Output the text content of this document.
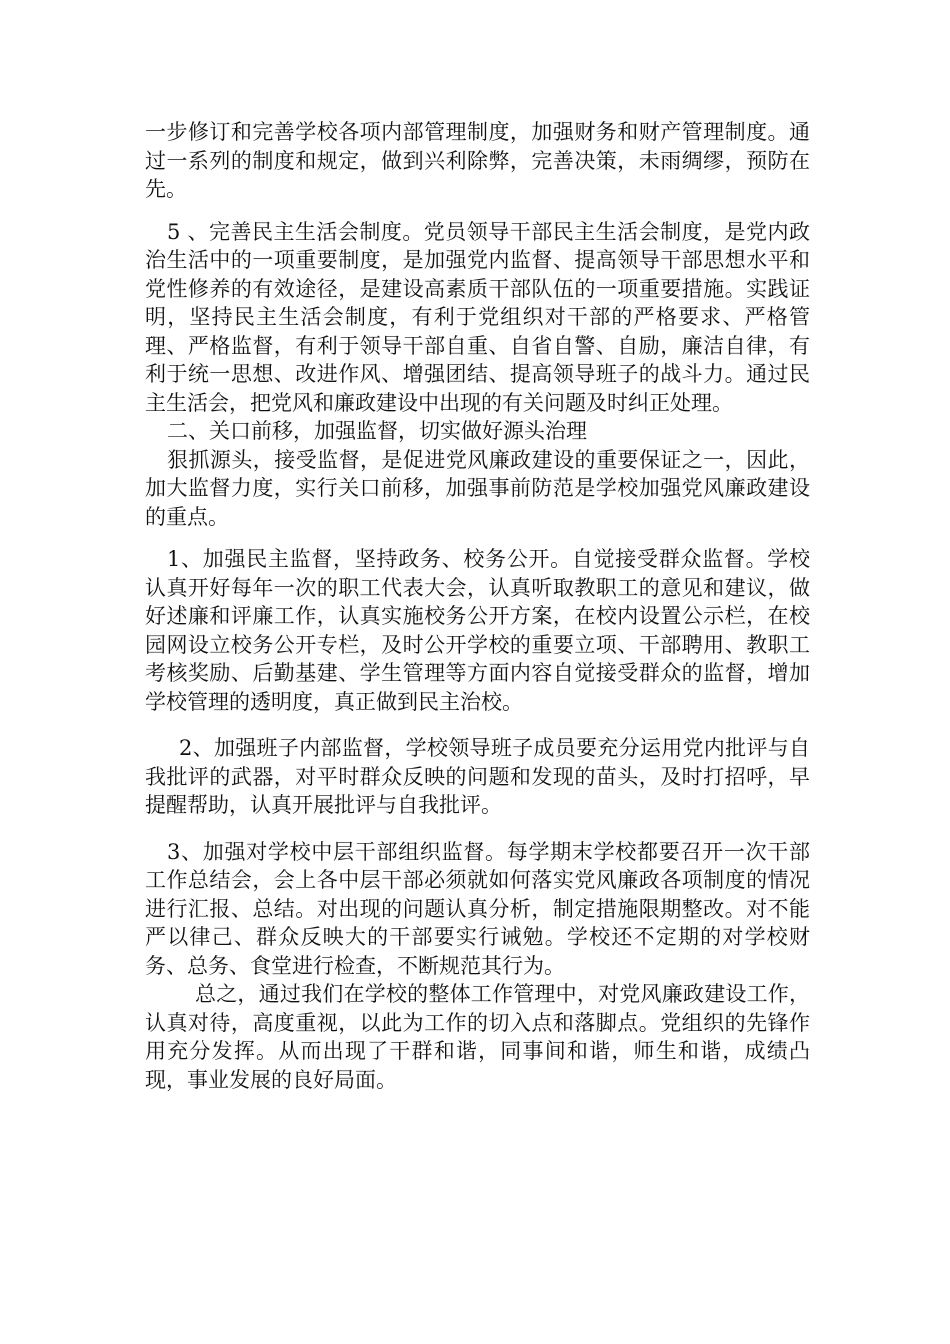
一步修订和完善学校各项内部管理制度，加强财务和财产管理制度。通过一系列的制度和规定，做到兴利除弊，完善决策，未雨绸缪，预防在先。

5 、完善民主生活会制度。党员领导干部民主生活会制度，是党内政治生活中的一项重要制度，是加强党内监督、提高领导干部思想水平和党性修养的有效途径，是建设高素质干部队伍的一项重要措施。实践证明，坚持民主生活会制度，有利于党组织对干部的严格要求、严格管理、严格监督，有利于领导干部自重、自省自警、自励，廉洁自律，有利于统一思想、改进作风、增强团结、提高领导班子的战斗力。通过民主生活会，把党风和廉政建设中出现的有关问题及时纠正处理。

二、关口前移，加强监督，切实做好源头治理

狠抓源头，接受监督，是促进党风廉政建设的重要保证之一，因此，加大监督力度，实行关口前移，加强事前防范是学校加强党风廉政建设的重点。

1、加强民主监督，坚持政务、校务公开。自觉接受群众监督。学校认真开好每年一次的职工代表大会，认真听取教职工的意见和建议，做好述廉和评廉工作，认真实施校务公开方案，在校内设置公示栏，在校园网设立校务公开专栏，及时公开学校的重要立项、干部聘用、教职工考核奖励、后勤基建、学生管理等方面内容自觉接受群众的监督，增加学校管理的透明度，真正做到民主治校。

2、加强班子内部监督，学校领导班子成员要充分运用党内批评与自我批评的武器，对平时群众反映的问题和发现的苗头，及时打招呼，早提醒帮助，认真开展批评与自我批评。

3、加强对学校中层干部组织监督。每学期末学校都要召开一次干部工作总结会，会上各中层干部必须就如何落实党风廉政各项制度的情况进行汇报、总结。对出现的问题认真分析，制定措施限期整改。对不能严以律己、群众反映大的干部要实行诫勉。学校还不定期的对学校财务、总务、食堂进行检查，不断规范其行为。

总之，通过我们在学校的整体工作管理中，对党风廉政建设工作，认真对待，高度重视，以此为工作的切入点和落脚点。党组织的先锋作用充分发挥。从而出现了干群和谐，同事间和谐，师生和谐，成绩凸现，事业发展的良好局面。
